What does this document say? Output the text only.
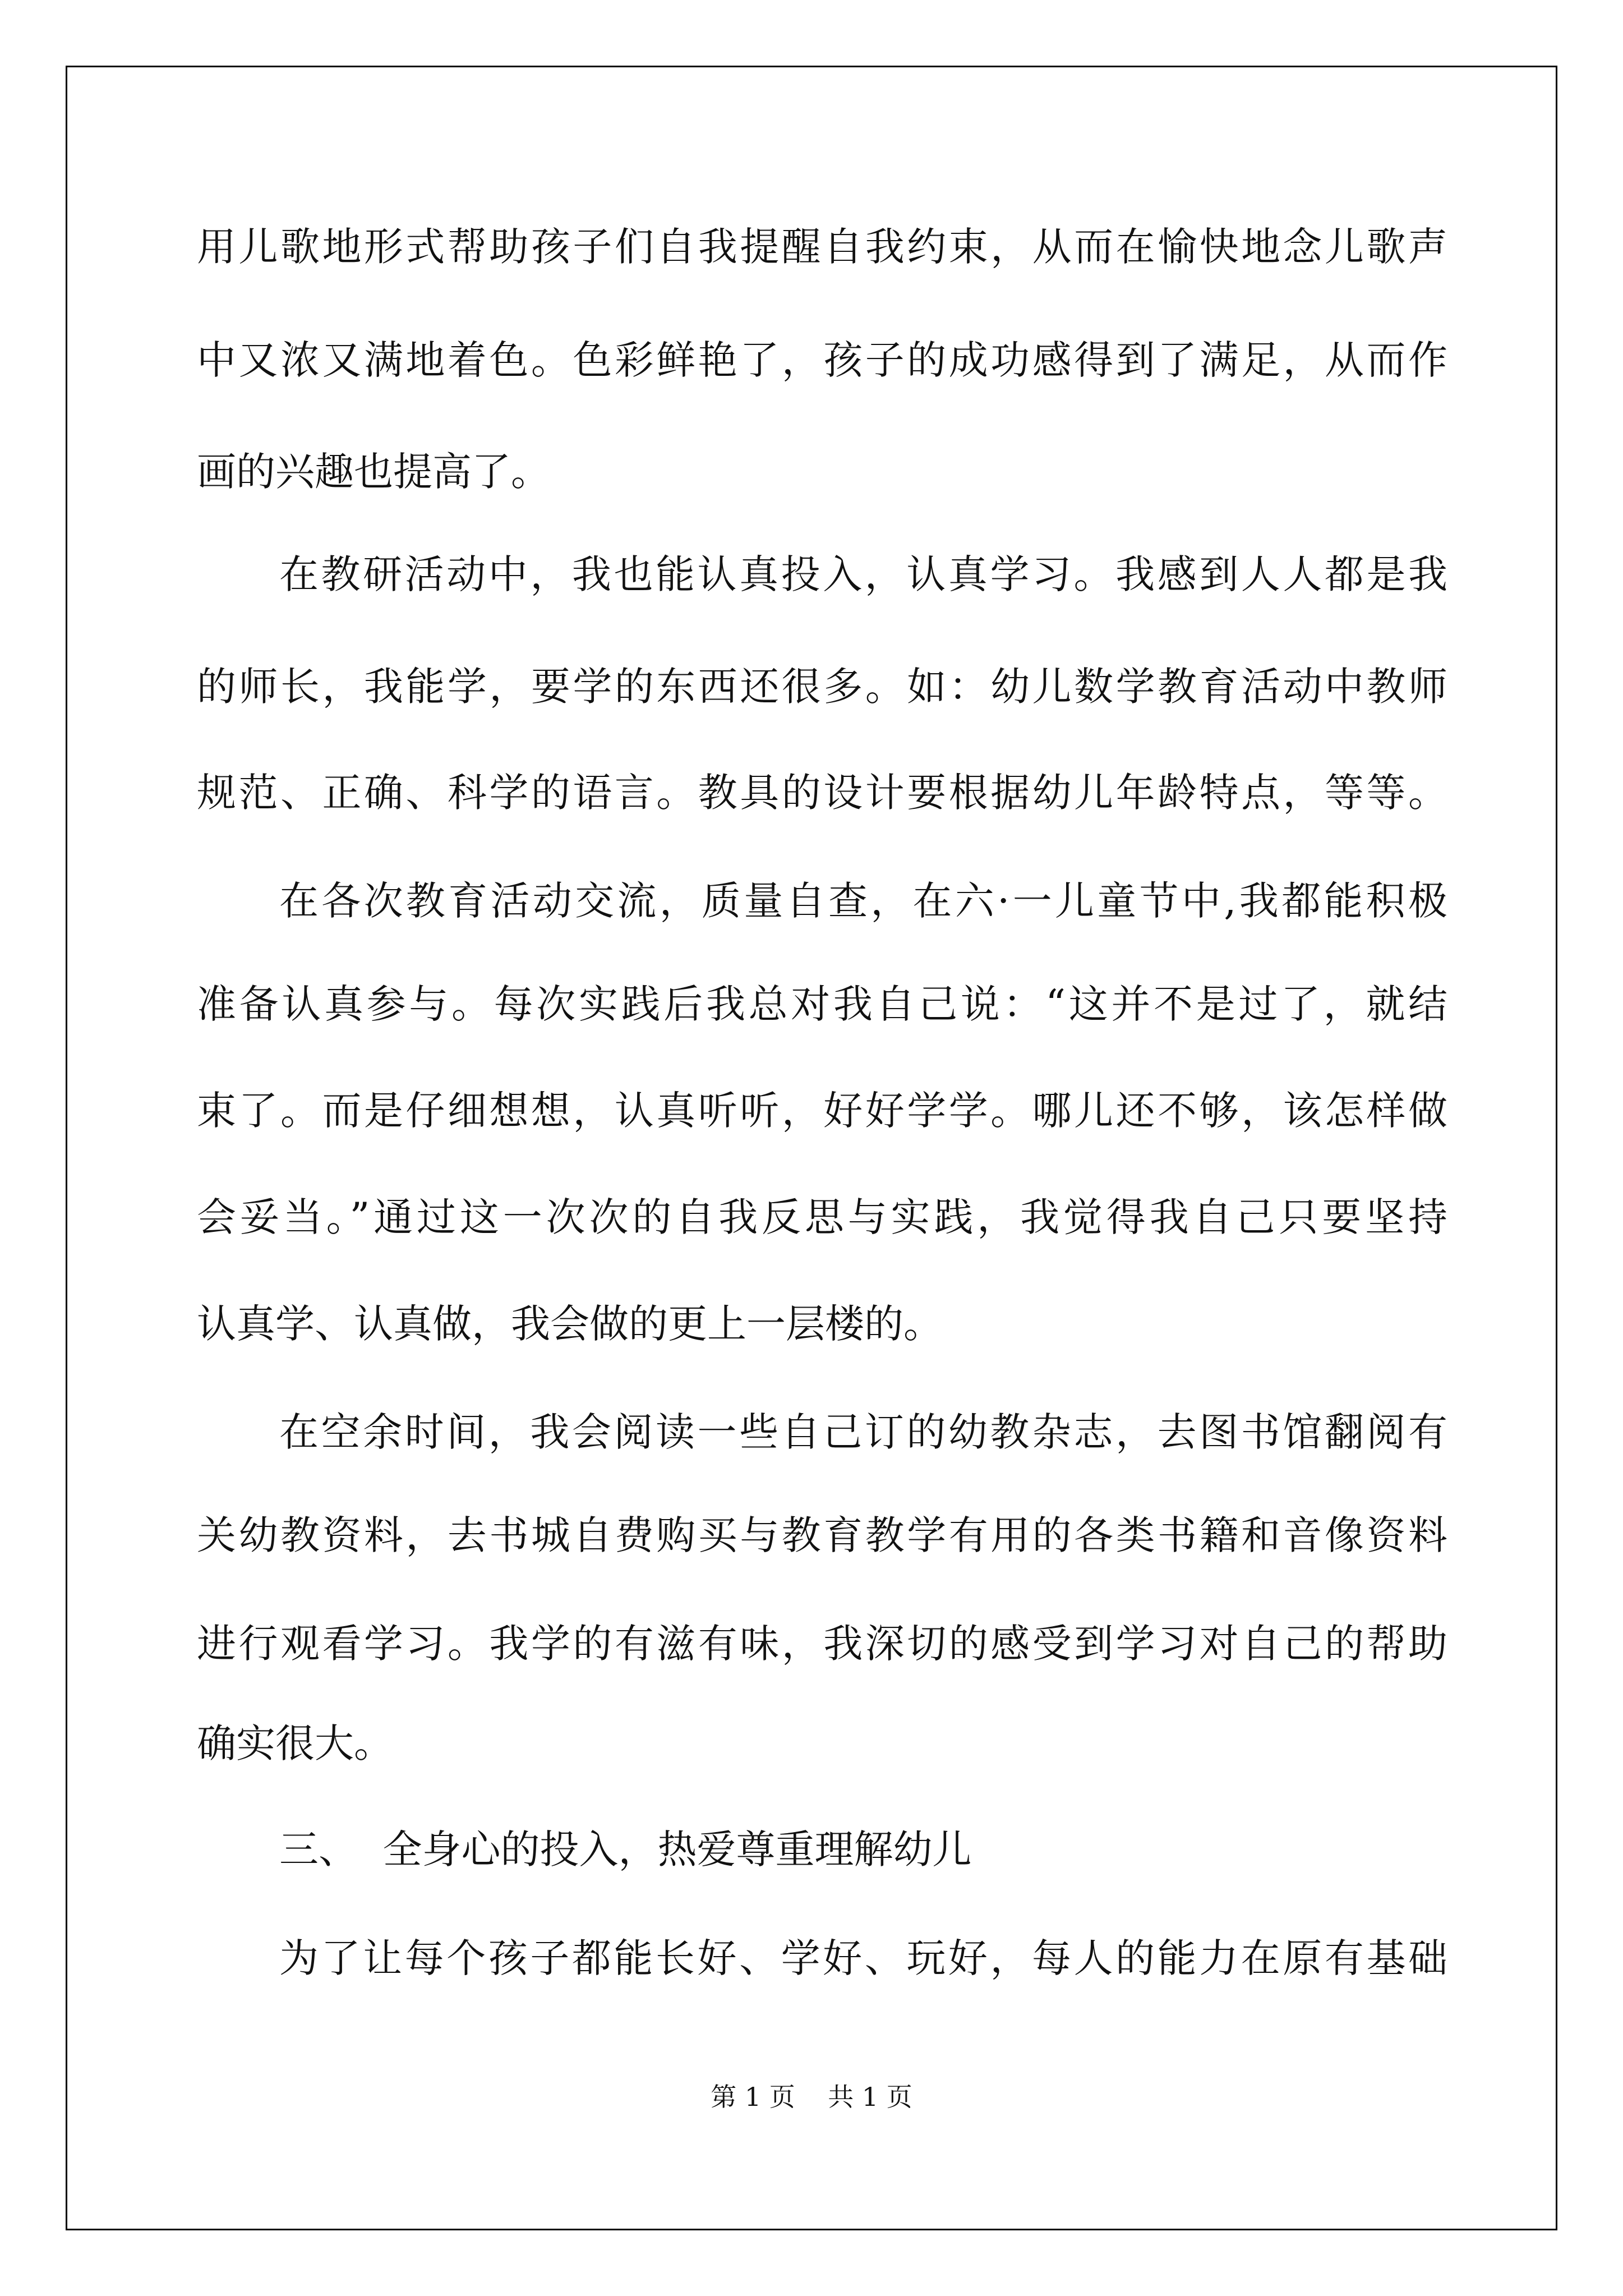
用儿歌地形式帮助孩子们自我提醒自我约束，从而在愉快地念儿歌声
中又浓又满地着色。色彩鲜艳了，孩子的成功感得到了满足，从而作
画的兴趣也提高了。
在教研活动中，我也能认真投入，认真学习。我感到人人都是我
的师长，我能学，要学的东西还很多。如：幼儿数学教育活动中教师
规范、正确、科学的语言。教具的设计要根据幼儿年龄特点，等等。
在各次教育活动交流，质量自查，在六·一儿童节中,我都能积极
准备认真参与。每次实践后我总对我自己说：“这并不是过了，就结
束了。而是仔细想想，认真听听，好好学学。哪儿还不够，该怎样做
会妥当。”通过这一次次的自我反思与实践，我觉得我自己只要坚持
认真学、认真做，我会做的更上一层楼的。
在空余时间，我会阅读一些自己订的幼教杂志，去图书馆翻阅有
关幼教资料，去书城自费购买与教育教学有用的各类书籍和音像资料
进行观看学习。我学的有滋有味，我深切的感受到学习对自己的帮助
确实很大。
三、  全身心的投入，热爱尊重理解幼儿
为了让每个孩子都能长好、学好、玩好，每人的能力在原有基础
第 1 页    共 1 页
